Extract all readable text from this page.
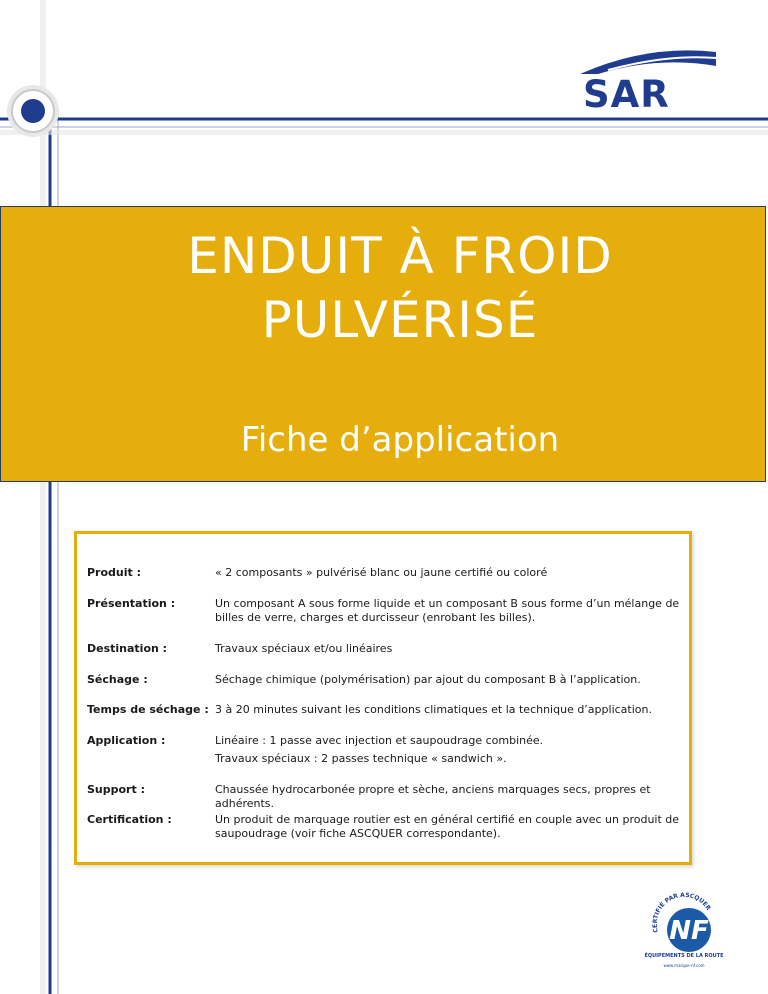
SAR
ENDUIT À FROID
PULVÉRISÉ
Fiche d’application
Produit :	« 2 composants » pulvérisé blanc ou jaune certifié ou coloré
Présentation :	Un composant A sous forme liquide et un composant B sous forme d’un mélange de billes de verre, charges et durcisseur (enrobant les billes).
Destination :	Travaux spéciaux et/ou linéaires
Séchage :	Séchage chimique (polymérisation) par ajout du composant B à l’application.
Temps de séchage : 3 à 20 minutes suivant les conditions climatiques et la technique d’application.
Application :	Linéaire : 1 passe avec injection et saupoudrage combinée.
Travaux spéciaux : 2 passes technique « sandwich ».
Support :	Chaussée hydrocarbonée propre et sèche, anciens marquages secs, propres et adhérents.
Certification :	Un produit de marquage routier est en général certifié en couple avec un produit de saupoudrage (voir fiche ASCQUER correspondante).
CERTIFIÉ PAR ASCQUER
NF
ÉQUIPEMENTS DE LA ROUTE
www.marque-nf.com
